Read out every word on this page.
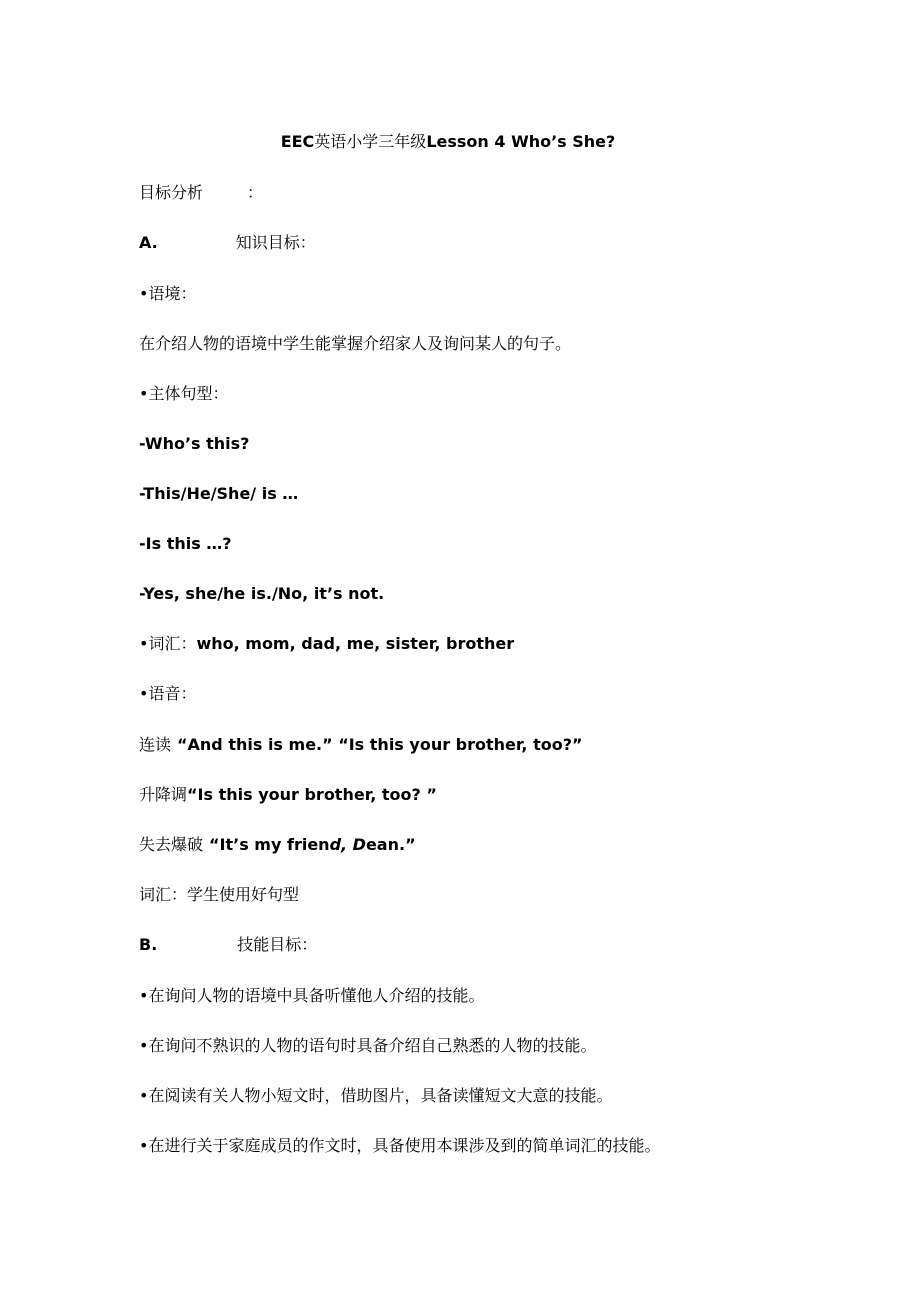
EEC英语小学三年级Lesson 4 Who’s She?
目标分析	：
A.	知识目标：
•语境：
在介绍人物的语境中学生能掌握介绍家人及询问某人的句子。
•主体句型：
-Who’s this?
-This/He/She/ is …
-Is this …?
-Yes, she/he is./No, it’s not.
•词汇：who, mom, dad, me, sister, brother
•语音：
连读 “And this is me.” “Is this your brother, too?”
升降调“Is this your brother, too? ”
失去爆破 “It’s my friend, Dean.”
词汇：学生使用好句型
B.	技能目标：
•在询问人物的语境中具备听懂他人介绍的技能。
•在询问不熟识的人物的语句时具备介绍自己熟悉的人物的技能。
•在阅读有关人物小短文时，借助图片，具备读懂短文大意的技能。
•在进行关于家庭成员的作文时，具备使用本课涉及到的简单词汇的技能。
